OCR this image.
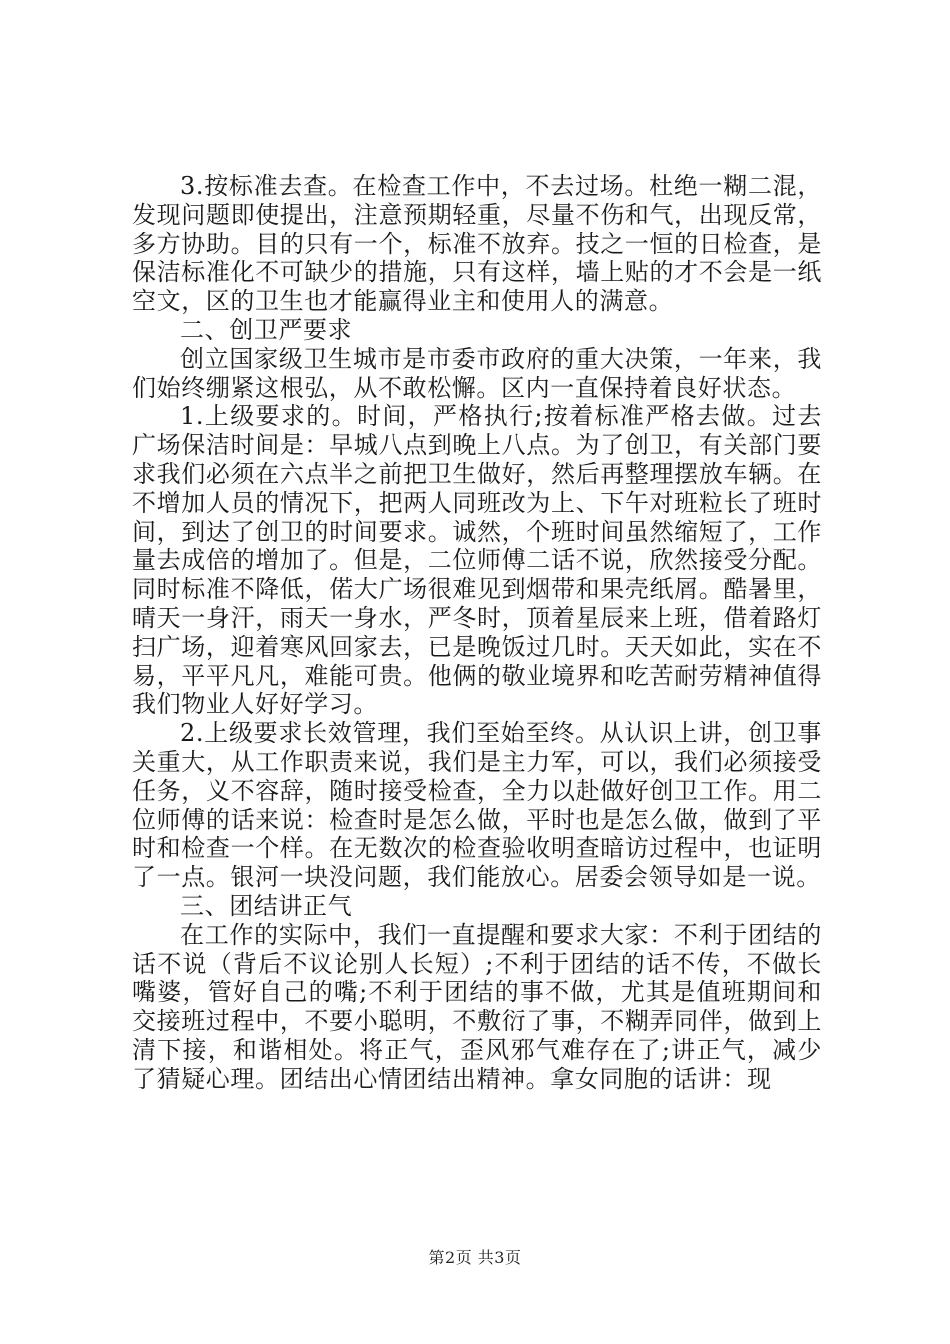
3.按标准去查。在检查工作中，不去过场。杜绝一糊二混，发现问题即使提出，注意预期轻重，尽量不伤和气，出现反常，多方协助。目的只有一个，标准不放弃。技之一恒的日检查，是保洁标准化不可缺少的措施，只有这样，墙上贴的才不会是一纸空文，区的卫生也才能赢得业主和使用人的满意。

二、创卫严要求

创立国家级卫生城市是市委市政府的重大决策，一年来，我们始终绷紧这根弘，从不敢松懈。区内一直保持着良好状态。

1.上级要求的。时间，严格执行;按着标准严格去做。过去广场保洁时间是：早城八点到晚上八点。为了创卫，有关部门要求我们必须在六点半之前把卫生做好，然后再整理摆放车辆。在不增加人员的情况下，把两人同班改为上、下午对班粒长了班时间，到达了创卫的时间要求。诚然，个班时间虽然缩短了，工作量去成倍的增加了。但是，二位师傅二话不说，欣然接受分配。同时标准不降低，偌大广场很难见到烟带和果壳纸屑。酷暑里，晴天一身汗，雨天一身水，严冬时，顶着星辰来上班，借着路灯扫广场，迎着寒风回家去，已是晚饭过几时。天天如此，实在不易，平平凡凡，难能可贵。他俩的敬业境界和吃苦耐劳精神值得我们物业人好好学习。

2.上级要求长效管理，我们至始至终。从认识上讲，创卫事关重大，从工作职责来说，我们是主力军，可以，我们必须接受任务，义不容辞，随时接受检查，全力以赴做好创卫工作。用二位师傅的话来说：检查时是怎么做，平时也是怎么做，做到了平时和检查一个样。在无数次的检查验收明查暗访过程中，也证明了一点。银河一块没问题，我们能放心。居委会领导如是一说。

三、团结讲正气

在工作的实际中，我们一直提醒和要求大家：不利于团结的话不说（背后不议论别人长短）;不利于团结的话不传，不做长嘴婆，管好自己的嘴;不利于团结的事不做，尤其是值班期间和交接班过程中，不要小聪明，不敷衍了事，不糊弄同伴，做到上清下接，和谐相处。将正气，歪风邪气难存在了;讲正气，减少了猜疑心理。团结出心情团结出精神。拿女同胞的话讲：现

第2页 共3页
